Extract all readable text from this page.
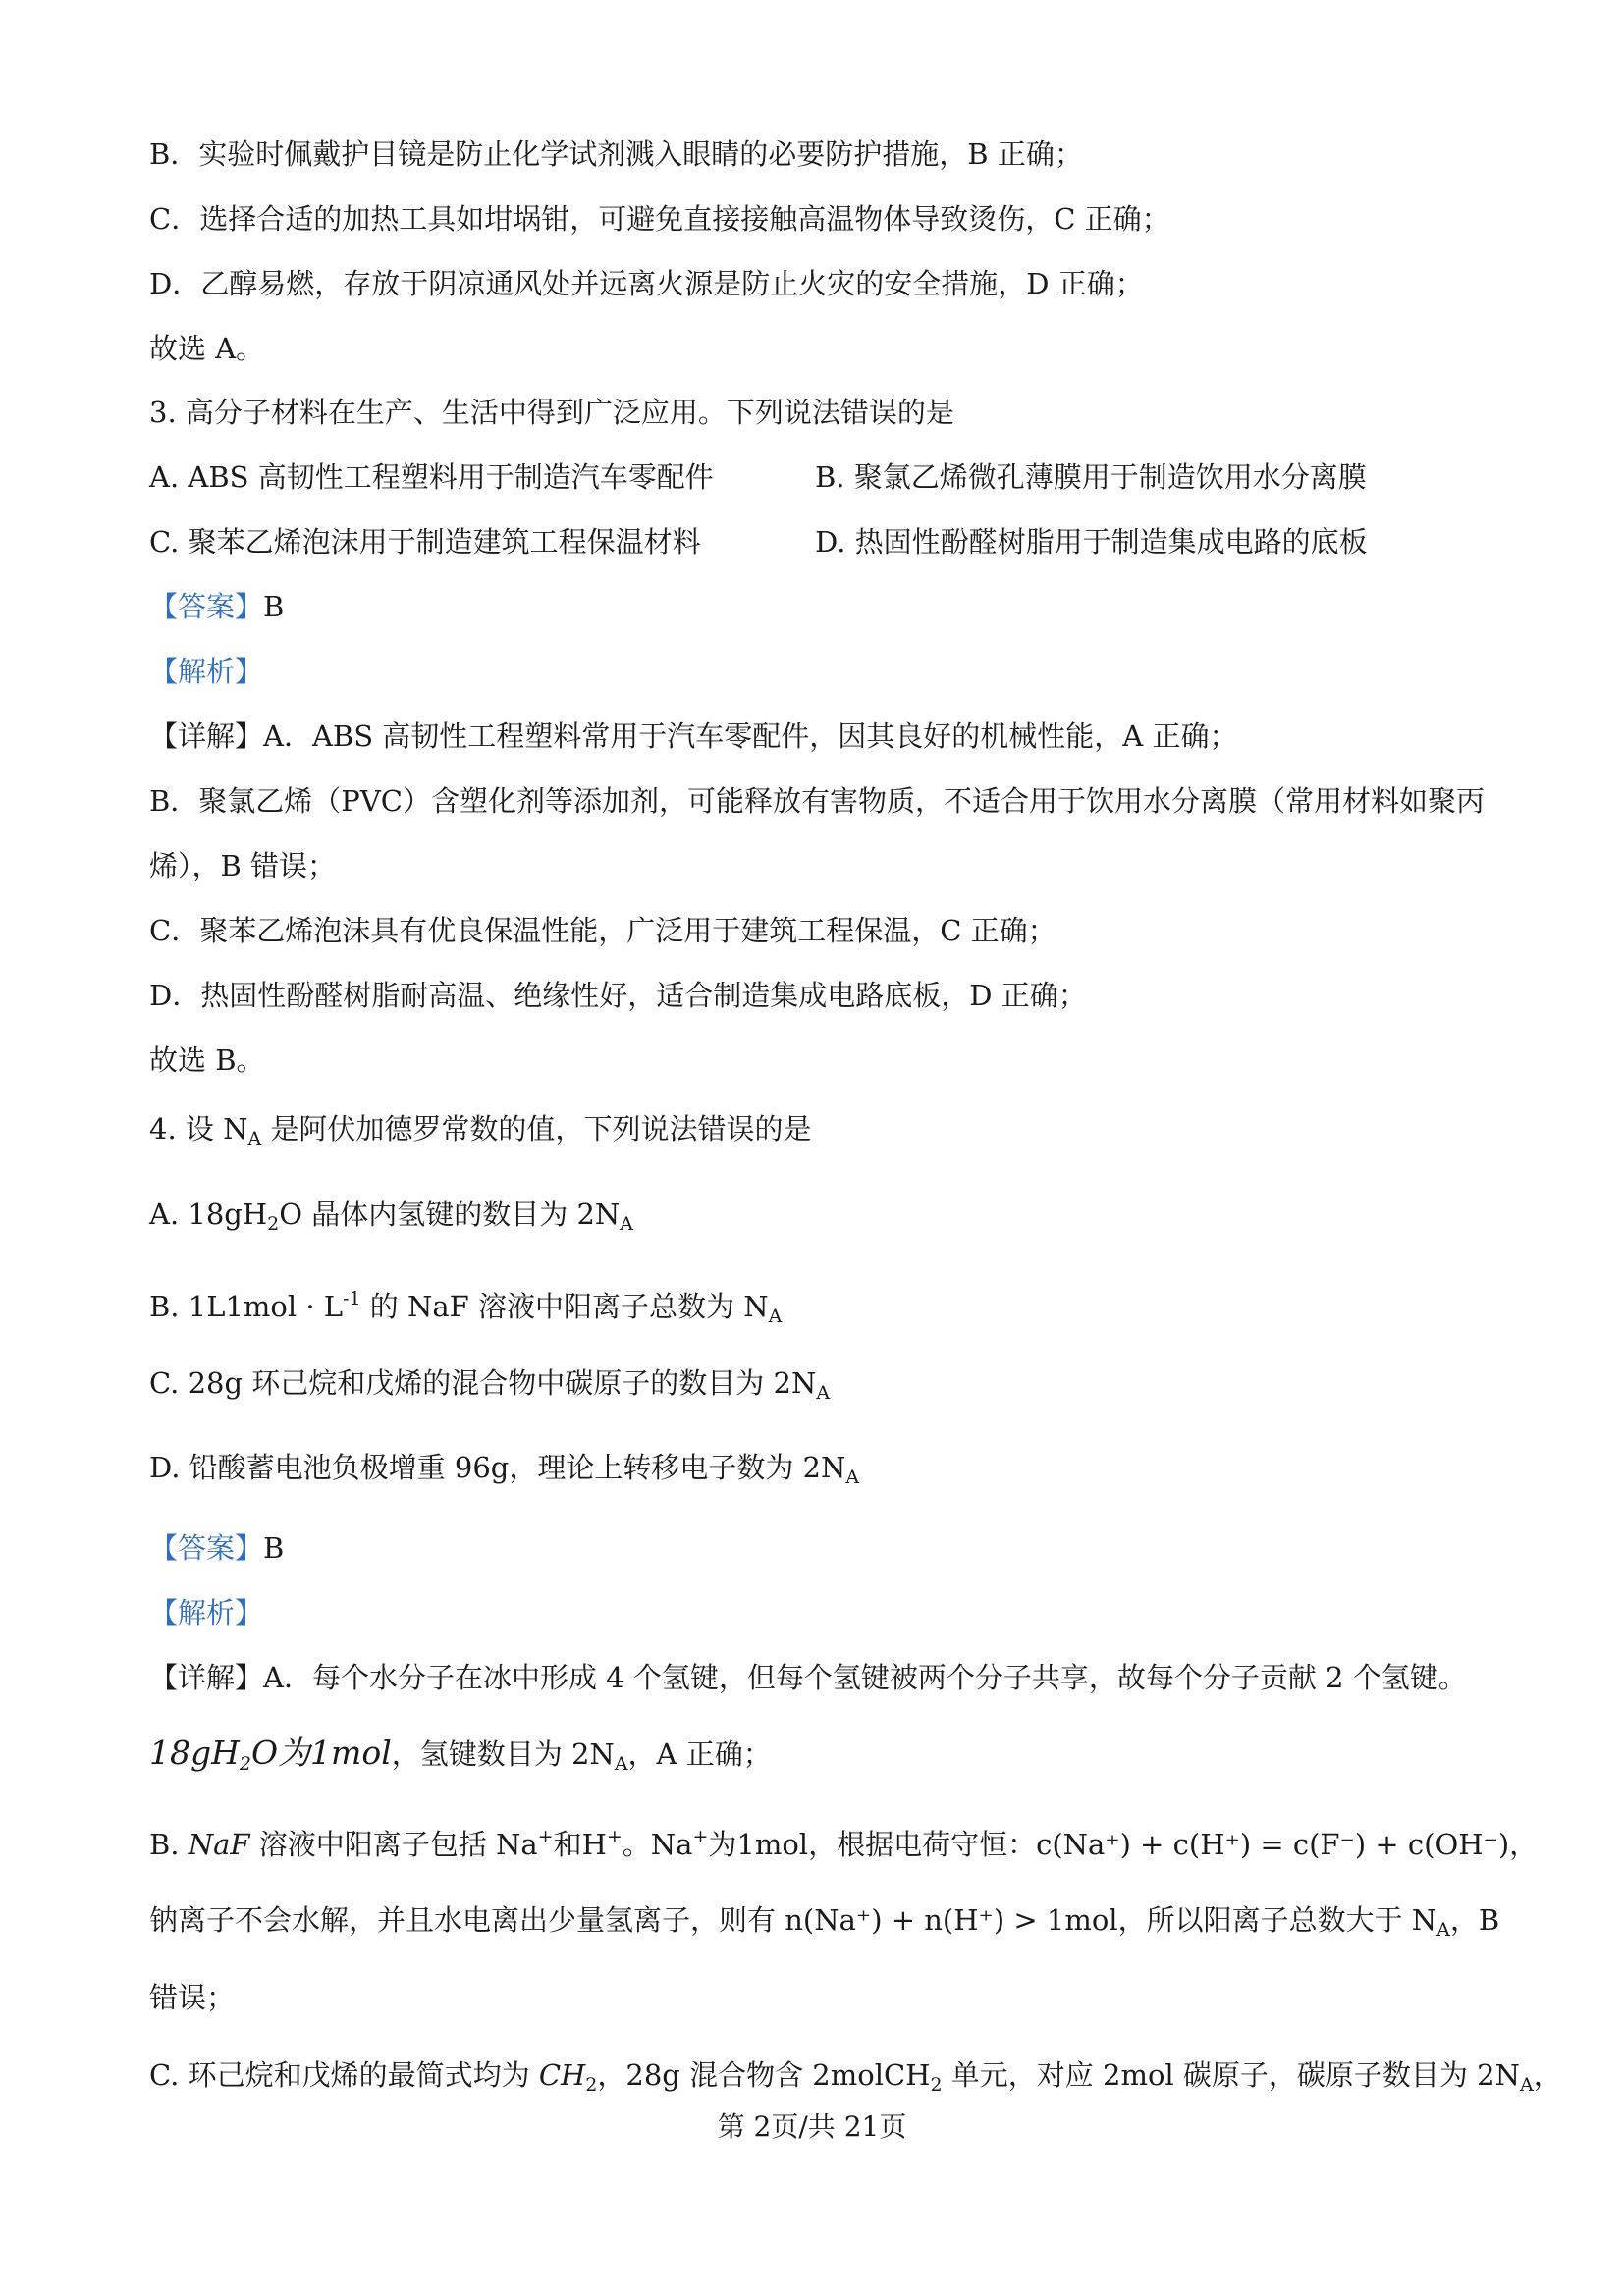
B．实验时佩戴护目镜是防止化学试剂溅入眼睛的必要防护措施，B 正确；
C．选择合适的加热工具如坩埚钳，可避免直接接触高温物体导致烫伤，C 正确；
D．乙醇易燃，存放于阴凉通风处并远离火源是防止火灾的安全措施，D 正确；
故选 A。
3. 高分子材料在生产、生活中得到广泛应用。下列说法错误的是
A. ABS 高韧性工程塑料用于制造汽车零配件	B. 聚氯乙烯微孔薄膜用于制造饮用水分离膜
C. 聚苯乙烯泡沫用于制造建筑工程保温材料	D. 热固性酚醛树脂用于制造集成电路的底板
【答案】B
【解析】
【详解】A．ABS 高韧性工程塑料常用于汽车零配件，因其良好的机械性能，A 正确；
B．聚氯乙烯（PVC）含塑化剂等添加剂，可能释放有害物质，不适合用于饮用水分离膜（常用材料如聚丙
烯），B 错误；
C．聚苯乙烯泡沫具有优良保温性能，广泛用于建筑工程保温，C 正确；
D．热固性酚醛树脂耐高温、绝缘性好，适合制造集成电路底板，D 正确；
故选 B。
4. 设 $N_A$ 是阿伏加德罗常数的值，下列说法错误的是
A. $18gH_2O$ 晶体内氢键的数目为 $2N_A$
B. $1L1mol \cdot L^{-1}$ 的 NaF 溶液中阳离子总数为 $N_A$
C. 28g 环己烷和戊烯的混合物中碳原子的数目为 $2N_A$
D. 铅酸蓄电池负极增重 96g，理论上转移电子数为 $2N_A$
【答案】B
【解析】
【详解】A．每个水分子在冰中形成 4 个氢键，但每个氢键被两个分子共享，故每个分子贡献 2 个氢键。
$18gH_2O$为1mol，氢键数目为 $2N_A$，A 正确；
B. NaF 溶液中阳离子包括 Na+和H+。Na+为1mol，根据电荷守恒：c(Na⁺) + c(H⁺) = c(F⁻) + c(OH⁻)，
钠离子不会水解，并且水电离出少量氢离子，则有 n(Na⁺) + n(H⁺) > 1mol，所以阳离子总数大于 $N_A$，B
错误；
C. 环己烷和戊烯的最简式均为 $CH_2$，28g 混合物含 2molCH$_2$ 单元，对应 2mol 碳原子，碳原子数目为 $2N_A$，
第 2页/共 21页
